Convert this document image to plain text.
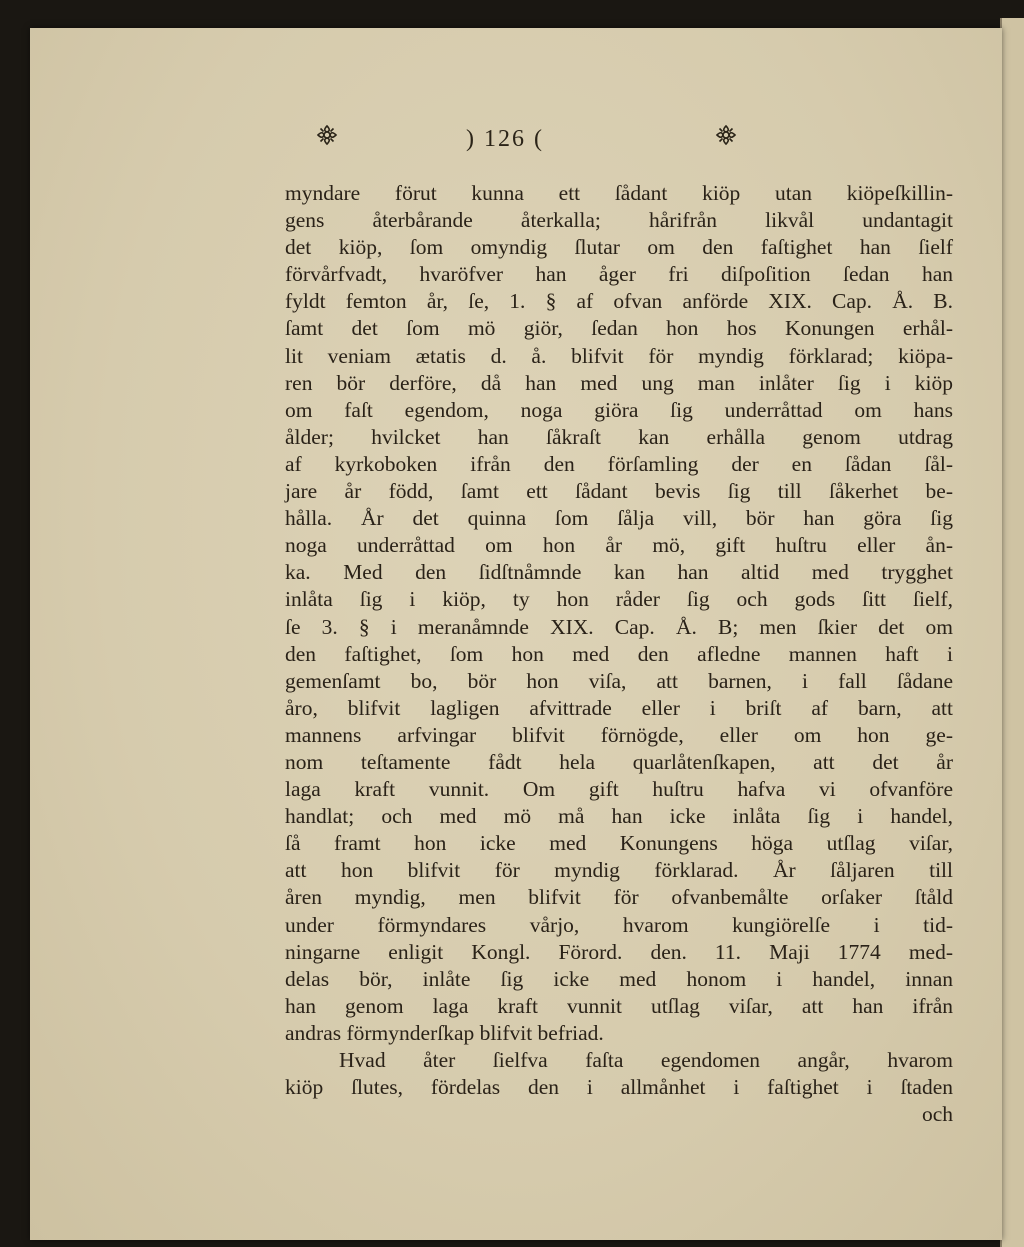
) 126 (
myndare förut kunna ett ſådant kiöp utan kiöpeſkillin-
gens återbårande återkalla; hårifrån likvål undantagit
det kiöp, ſom omyndig ſlutar om den faſtighet han ſielf
förvårfvadt, hvaröfver han åger fri diſpoſition ſedan han
fyldt femton år, ſe, 1. § af ofvan anförde XIX. Cap. Å. B.
ſamt det ſom mö giör, ſedan hon hos Konungen erhål-
lit veniam ætatis d. å. blifvit för myndig förklarad; kiöpa-
ren bör derföre, då han med ung man inlåter ſig i kiöp
om faſt egendom, noga giöra ſig underråttad om hans
ålder; hvilcket han ſåkraſt kan erhålla genom utdrag
af kyrkoboken ifrån den förſamling der en ſådan ſål-
jare år född, ſamt ett ſådant bevis ſig till ſåkerhet be-
hålla. År det quinna ſom ſålja vill, bör han göra ſig
noga underråttad om hon år mö, gift huſtru eller ån-
ka. Med den ſidſtnåmnde kan han altid med trygghet
inlåta ſig i kiöp, ty hon råder ſig och gods ſitt ſielf,
ſe 3. § i meranåmnde XIX. Cap. Å. B; men ſkier det om
den faſtighet, ſom hon med den afledne mannen haft i
gemenſamt bo, bör hon viſa, att barnen, i fall ſådane
åro, blifvit lagligen afvittrade eller i briſt af barn, att
mannens arfvingar blifvit förnögde, eller om hon ge-
nom teſtamente fådt hela quarlåtenſkapen, att det år
laga kraft vunnit. Om gift huſtru hafva vi ofvanföre
handlat; och med mö må han icke inlåta ſig i handel,
ſå framt hon icke med Konungens höga utſlag viſar,
att hon blifvit för myndig förklarad. År ſåljaren till
åren myndig, men blifvit för ofvanbemålte orſaker ſtåld
under förmyndares vårjo, hvarom kungiörelſe i tid-
ningarne enligit Kongl. Förord. den. 11. Maji 1774 med-
delas bör, inlåte ſig icke med honom i handel, innan
han genom laga kraft vunnit utſlag viſar, att han ifrån
andras förmynderſkap blifvit befriad.
Hvad åter ſielfva faſta egendomen angår, hvarom
kiöp ſlutes, fördelas den i allmånhet i faſtighet i ſtaden
och
